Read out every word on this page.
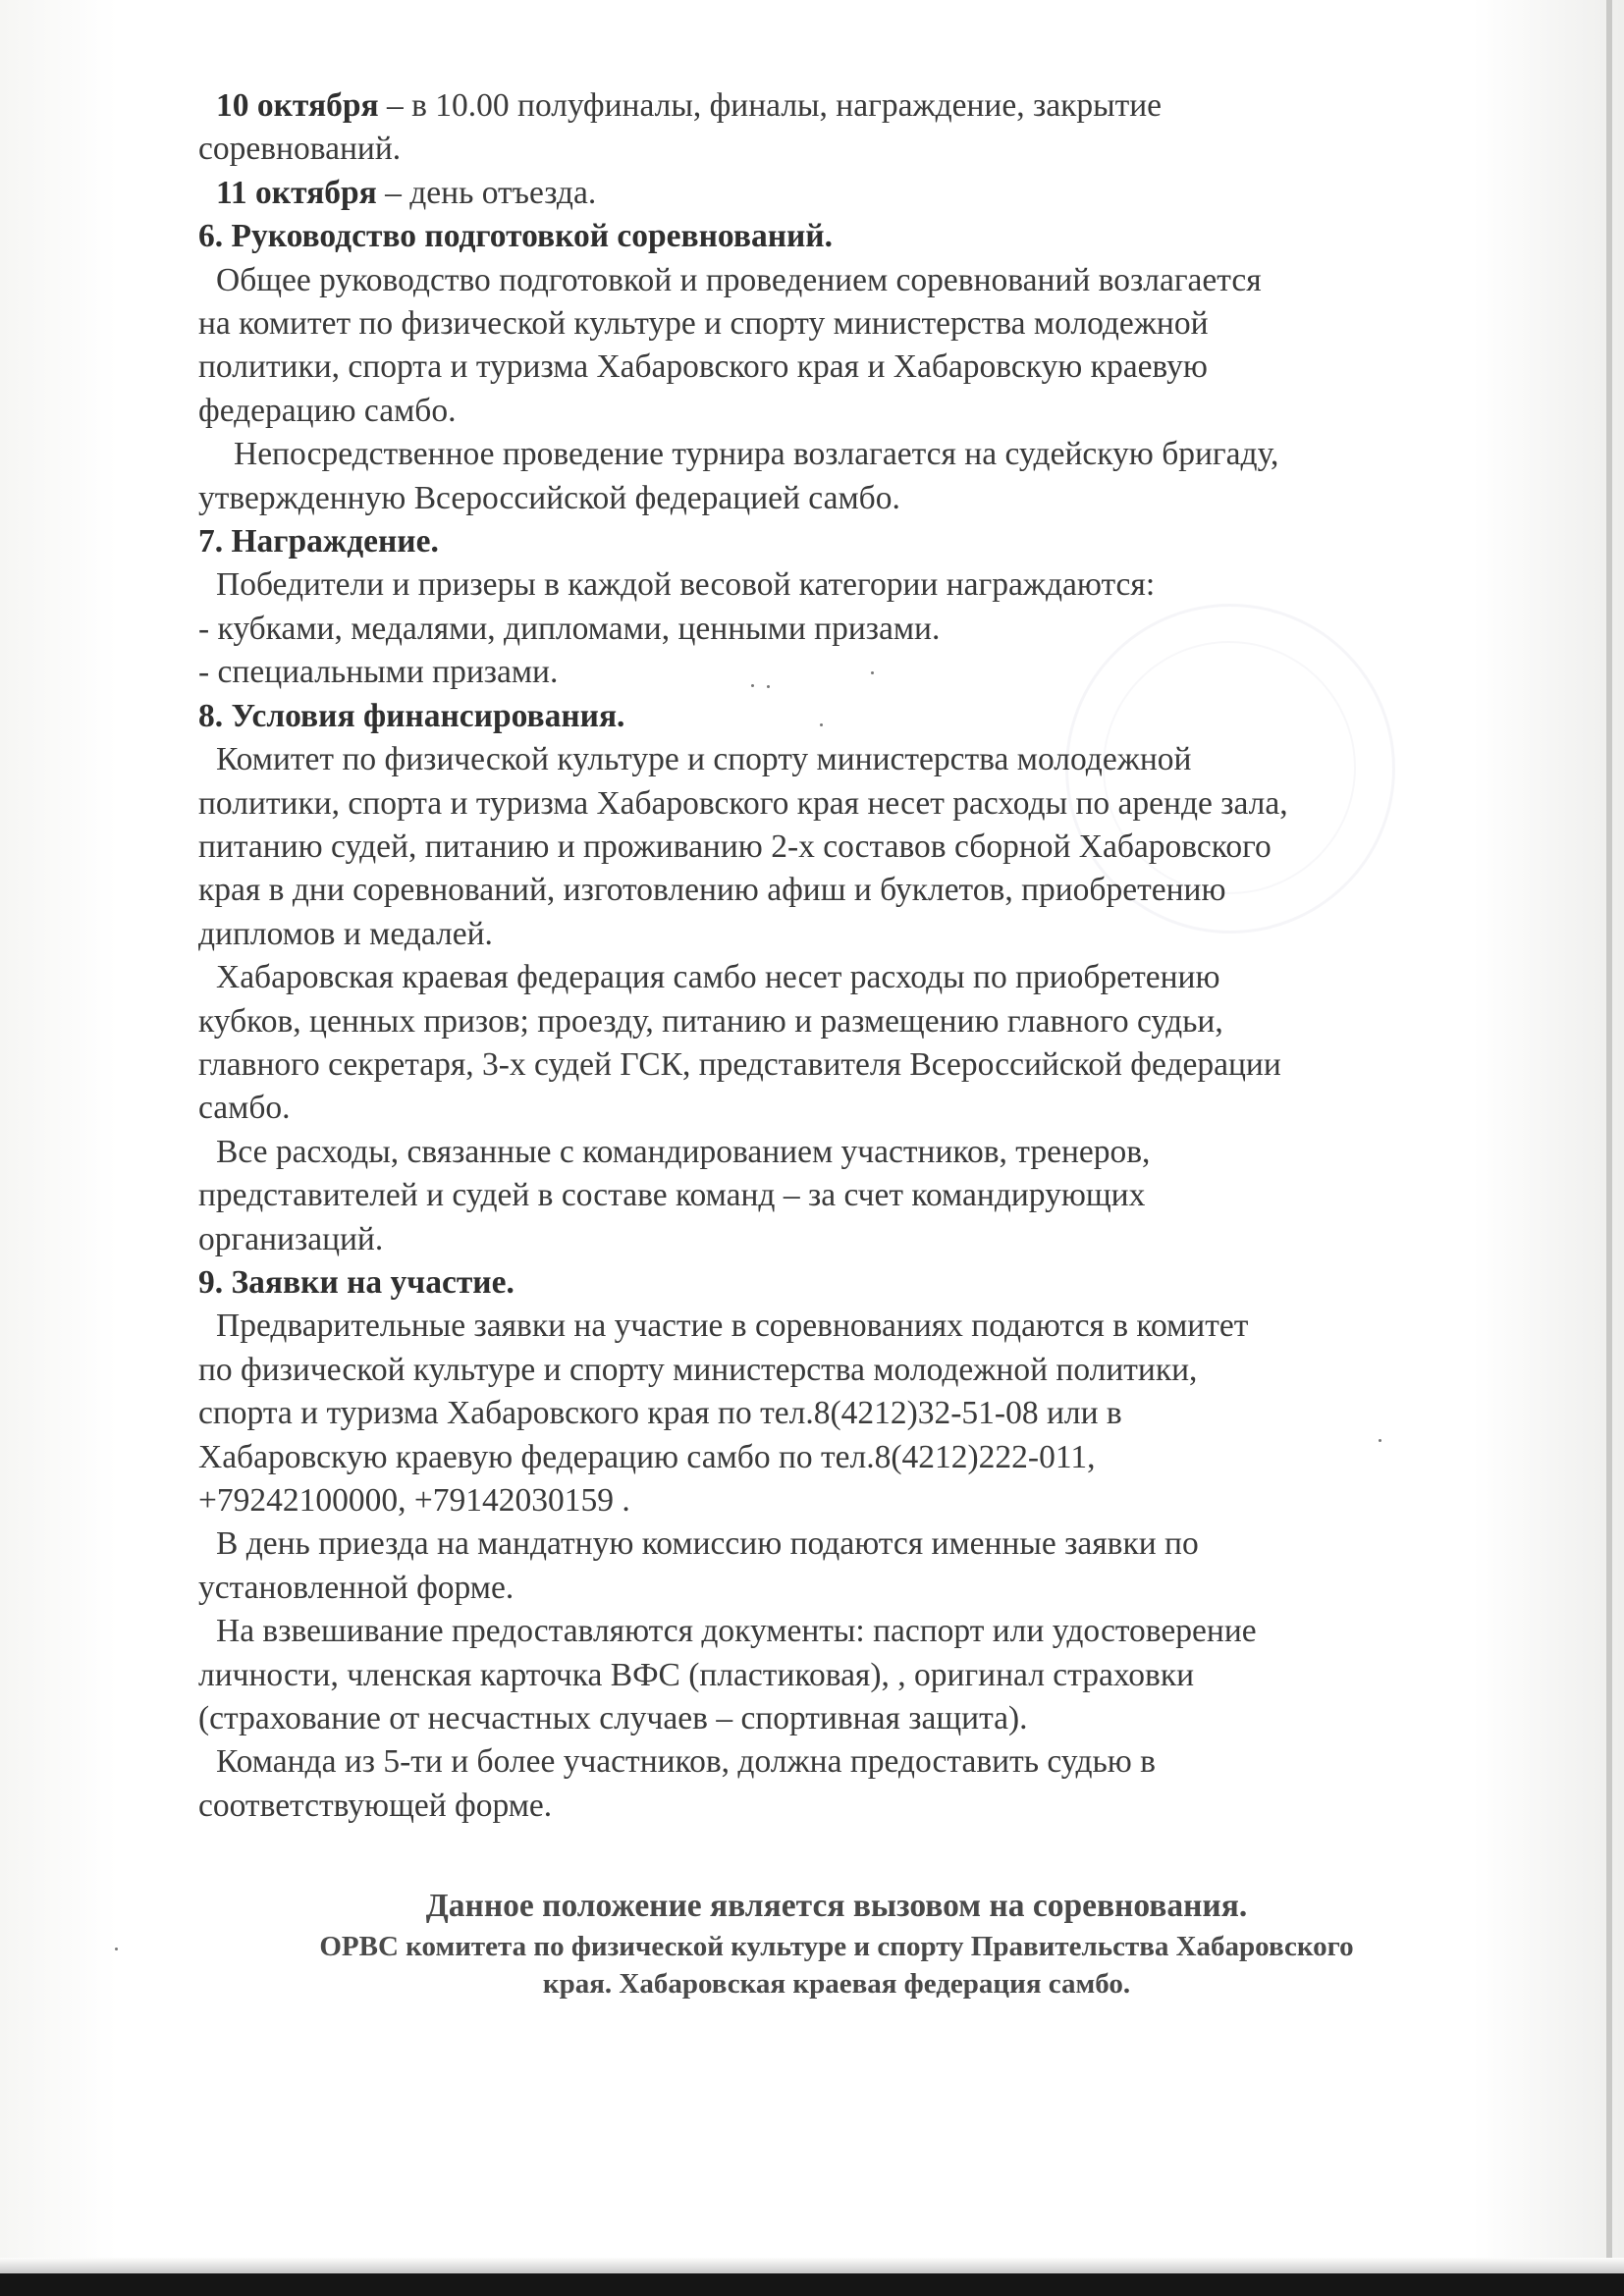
10 октября – в 10.00 полуфиналы, финалы, награждение, закрытие

соревнований.

11 октября – день отъезда.

6. Руководство подготовкой соревнований.

Общее руководство подготовкой и проведением соревнований возлагается

на комитет по физической культуре и спорту министерства молодежной

политики, спорта и туризма Хабаровского края и Хабаровскую краевую

федерацию самбо.

Непосредственное проведение турнира возлагается на судейскую бригаду,

утвержденную Всероссийской федерацией самбо.

7. Награждение.

Победители и призеры в каждой весовой категории награждаются:

- кубками, медалями, дипломами, ценными призами.

- специальными призами.

8. Условия финансирования.

Комитет по физической культуре и спорту министерства молодежной

политики, спорта и туризма Хабаровского края несет расходы по аренде зала,

питанию судей, питанию и проживанию 2-х составов сборной Хабаровского

края в дни соревнований, изготовлению афиш и буклетов, приобретению

дипломов и медалей.

Хабаровская краевая федерация самбо несет расходы по приобретению

кубков, ценных призов; проезду, питанию и размещению главного судьи,

главного секретаря, 3-х судей ГСК, представителя Всероссийской федерации

самбо.

Все расходы, связанные с командированием участников, тренеров,

представителей и судей в составе команд – за счет командирующих

организаций.

9. Заявки на участие.

Предварительные заявки на участие в соревнованиях подаются в комитет

по физической культуре и спорту министерства молодежной политики,

спорта и туризма Хабаровского края по тел.8(4212)32-51-08 или в

Хабаровскую краевую федерацию самбо по тел.8(4212)222-011,

+79242100000, +79142030159 .

В день приезда на мандатную комиссию подаются именные заявки по

установленной форме.

На взвешивание предоставляются документы: паспорт или удостоверение

личности, членская карточка ВФС (пластиковая), , оригинал страховки

(страхование от несчастных случаев – спортивная защита).

Команда из 5-ти и более участников, должна предоставить судью в

соответствующей форме.

Данное положение является вызовом на соревнования.
ОРВС комитета по физической культуре и спорту Правительства Хабаровского
края. Хабаровская краевая федерация самбо.
